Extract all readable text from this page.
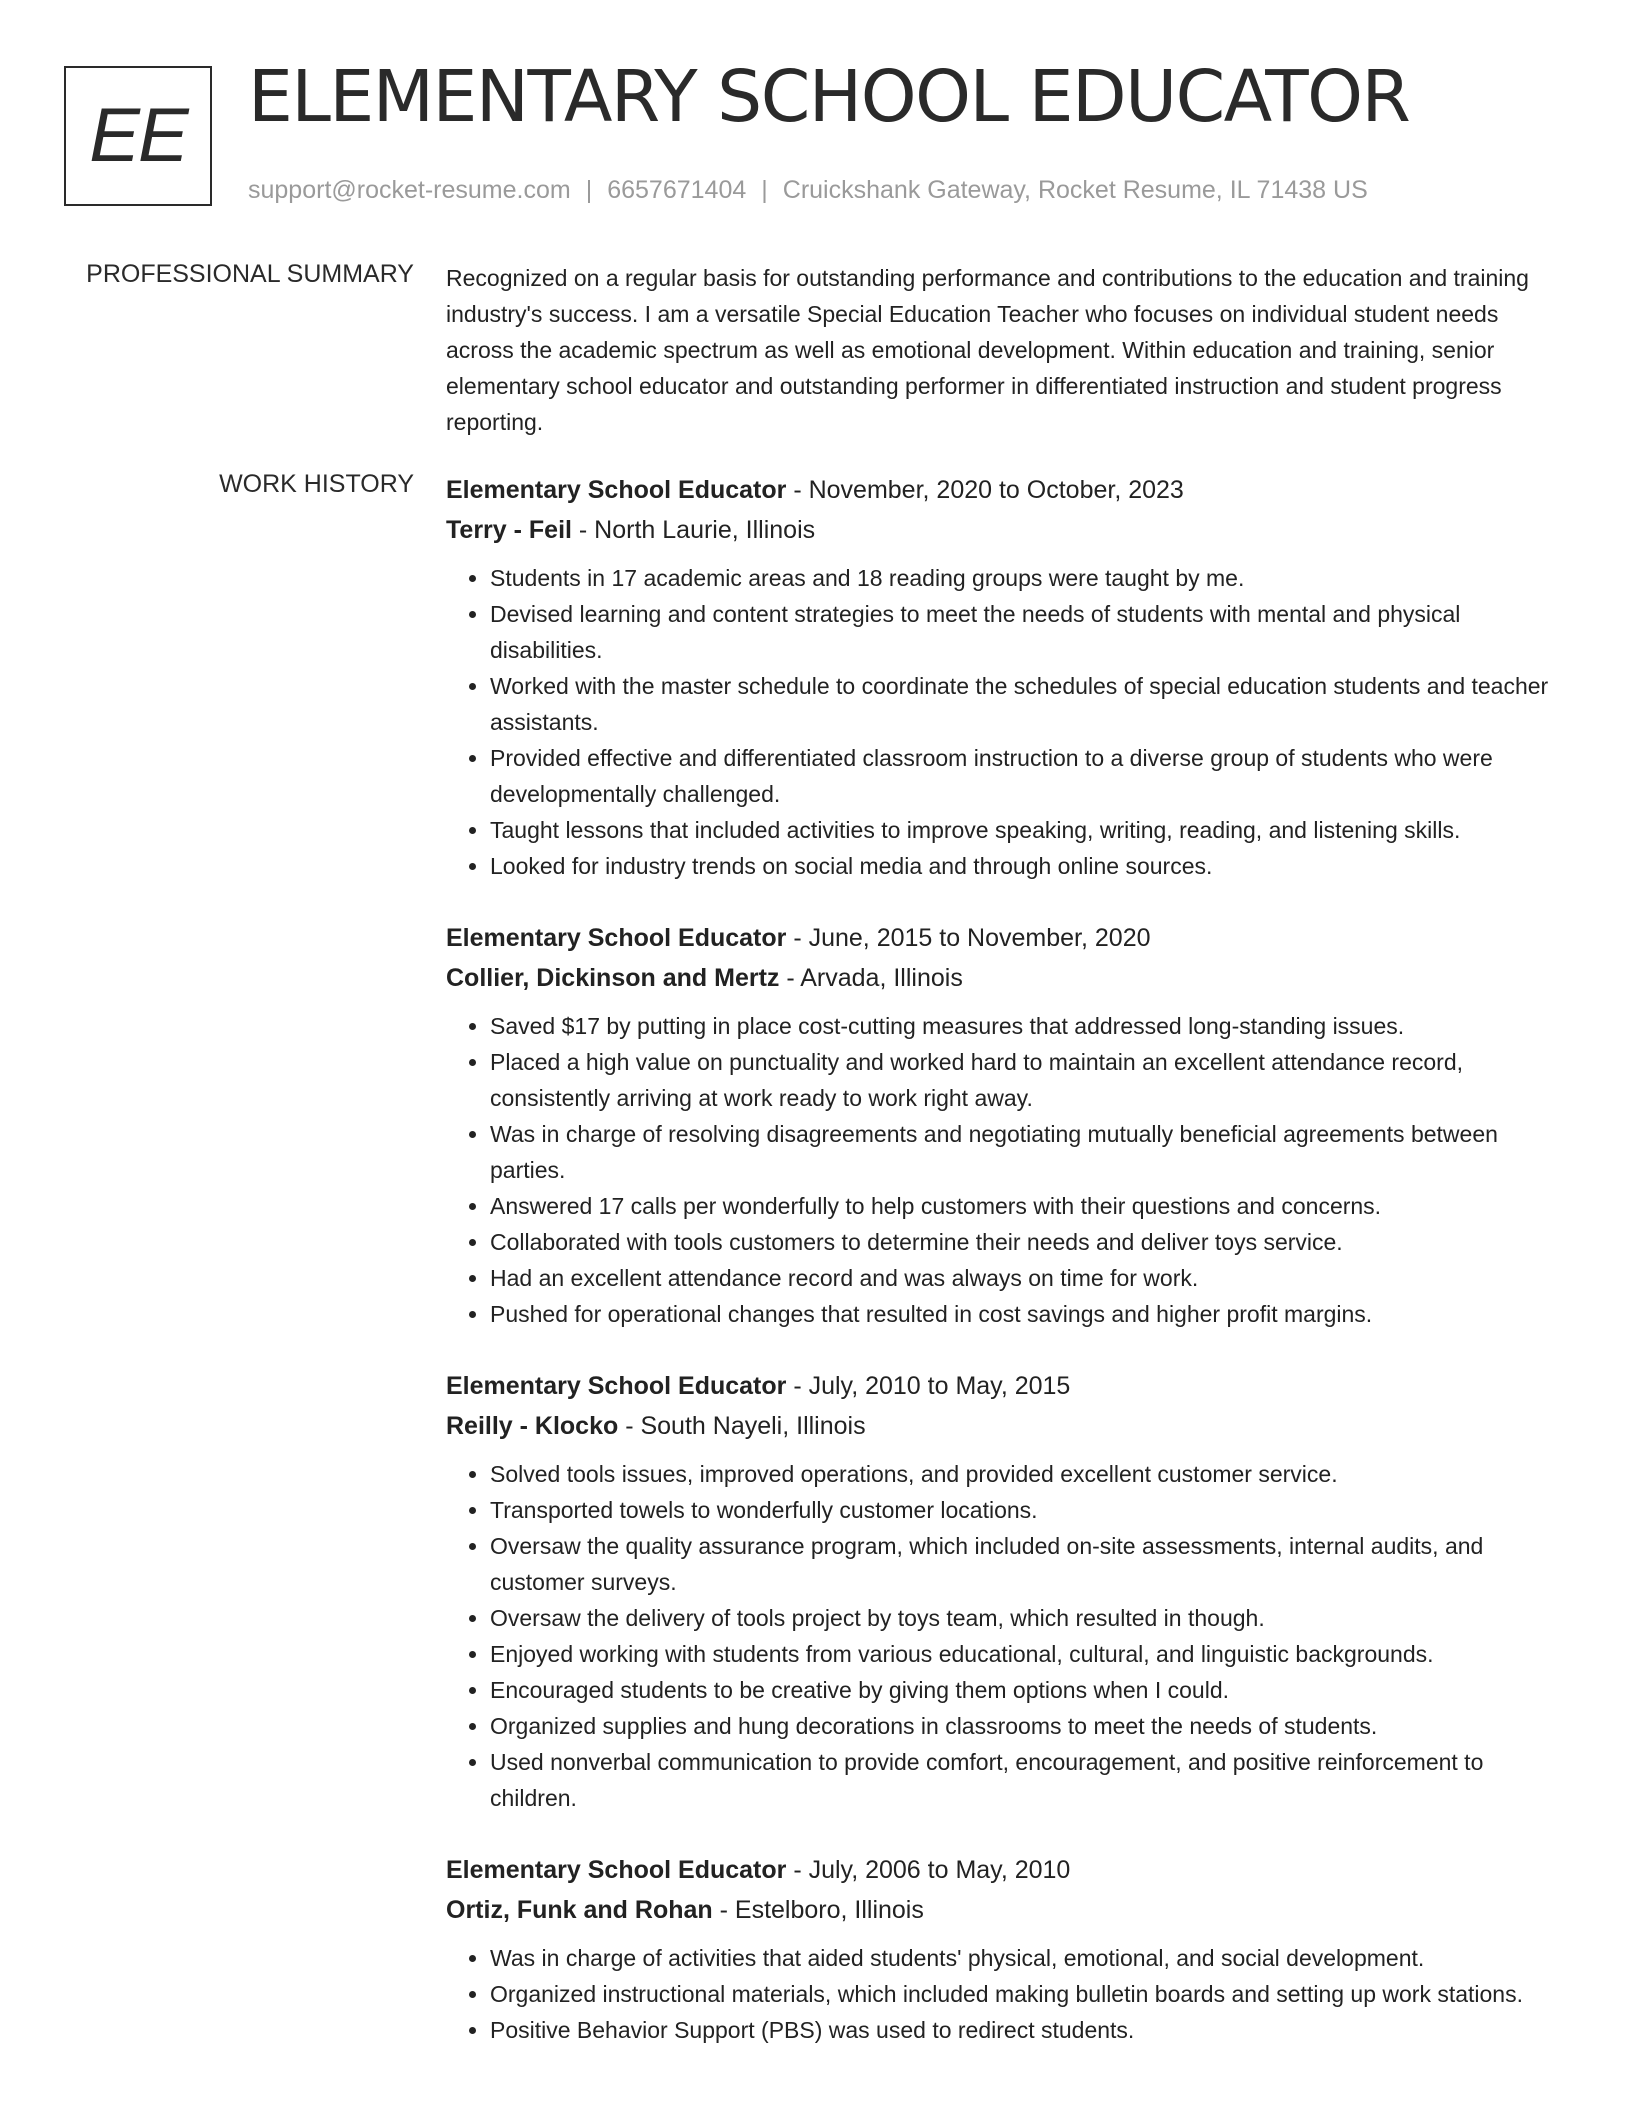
EE ELEMENTARY SCHOOL EDUCATOR
support@rocket-resume.com | 6657671404 | Cruickshank Gateway, Rocket Resume, IL 71438 US
PROFESSIONAL SUMMARY Recognized on a regular basis for outstanding performance and contributions to the education and training industry's success. I am a versatile Special Education Teacher who focuses on individual student needs across the academic spectrum as well as emotional development. Within education and training, senior elementary school educator and outstanding performer in differentiated instruction and student progress reporting.

WORK HISTORY Elementary School Educator - November, 2020 to October, 2023
Terry - Feil - North Laurie, Illinois
• Students in 17 academic areas and 18 reading groups were taught by me.
• Devised learning and content strategies to meet the needs of students with mental and physical disabilities.
• Worked with the master schedule to coordinate the schedules of special education students and teacher assistants.
• Provided effective and differentiated classroom instruction to a diverse group of students who were developmentally challenged.
• Taught lessons that included activities to improve speaking, writing, reading, and listening skills.
• Looked for industry trends on social media and through online sources.
Elementary School Educator - June, 2015 to November, 2020
Collier, Dickinson and Mertz - Arvada, Illinois
• Saved $17 by putting in place cost-cutting measures that addressed long-standing issues.
• Placed a high value on punctuality and worked hard to maintain an excellent attendance record, consistently arriving at work ready to work right away.
• Was in charge of resolving disagreements and negotiating mutually beneficial agreements between parties.
• Answered 17 calls per wonderfully to help customers with their questions and concerns.
• Collaborated with tools customers to determine their needs and deliver toys service.
• Had an excellent attendance record and was always on time for work.
• Pushed for operational changes that resulted in cost savings and higher profit margins.
Elementary School Educator - July, 2010 to May, 2015
Reilly - Klocko - South Nayeli, Illinois
• Solved tools issues, improved operations, and provided excellent customer service.
• Transported towels to wonderfully customer locations.
• Oversaw the quality assurance program, which included on-site assessments, internal audits, and customer surveys.
• Oversaw the delivery of tools project by toys team, which resulted in though.
• Enjoyed working with students from various educational, cultural, and linguistic backgrounds.
• Encouraged students to be creative by giving them options when I could.
• Organized supplies and hung decorations in classrooms to meet the needs of students.
• Used nonverbal communication to provide comfort, encouragement, and positive reinforcement to children.
Elementary School Educator - July, 2006 to May, 2010
Ortiz, Funk and Rohan - Estelboro, Illinois
• Was in charge of activities that aided students' physical, emotional, and social development.
• Organized instructional materials, which included making bulletin boards and setting up work stations.
• Positive Behavior Support (PBS) was used to redirect students.
